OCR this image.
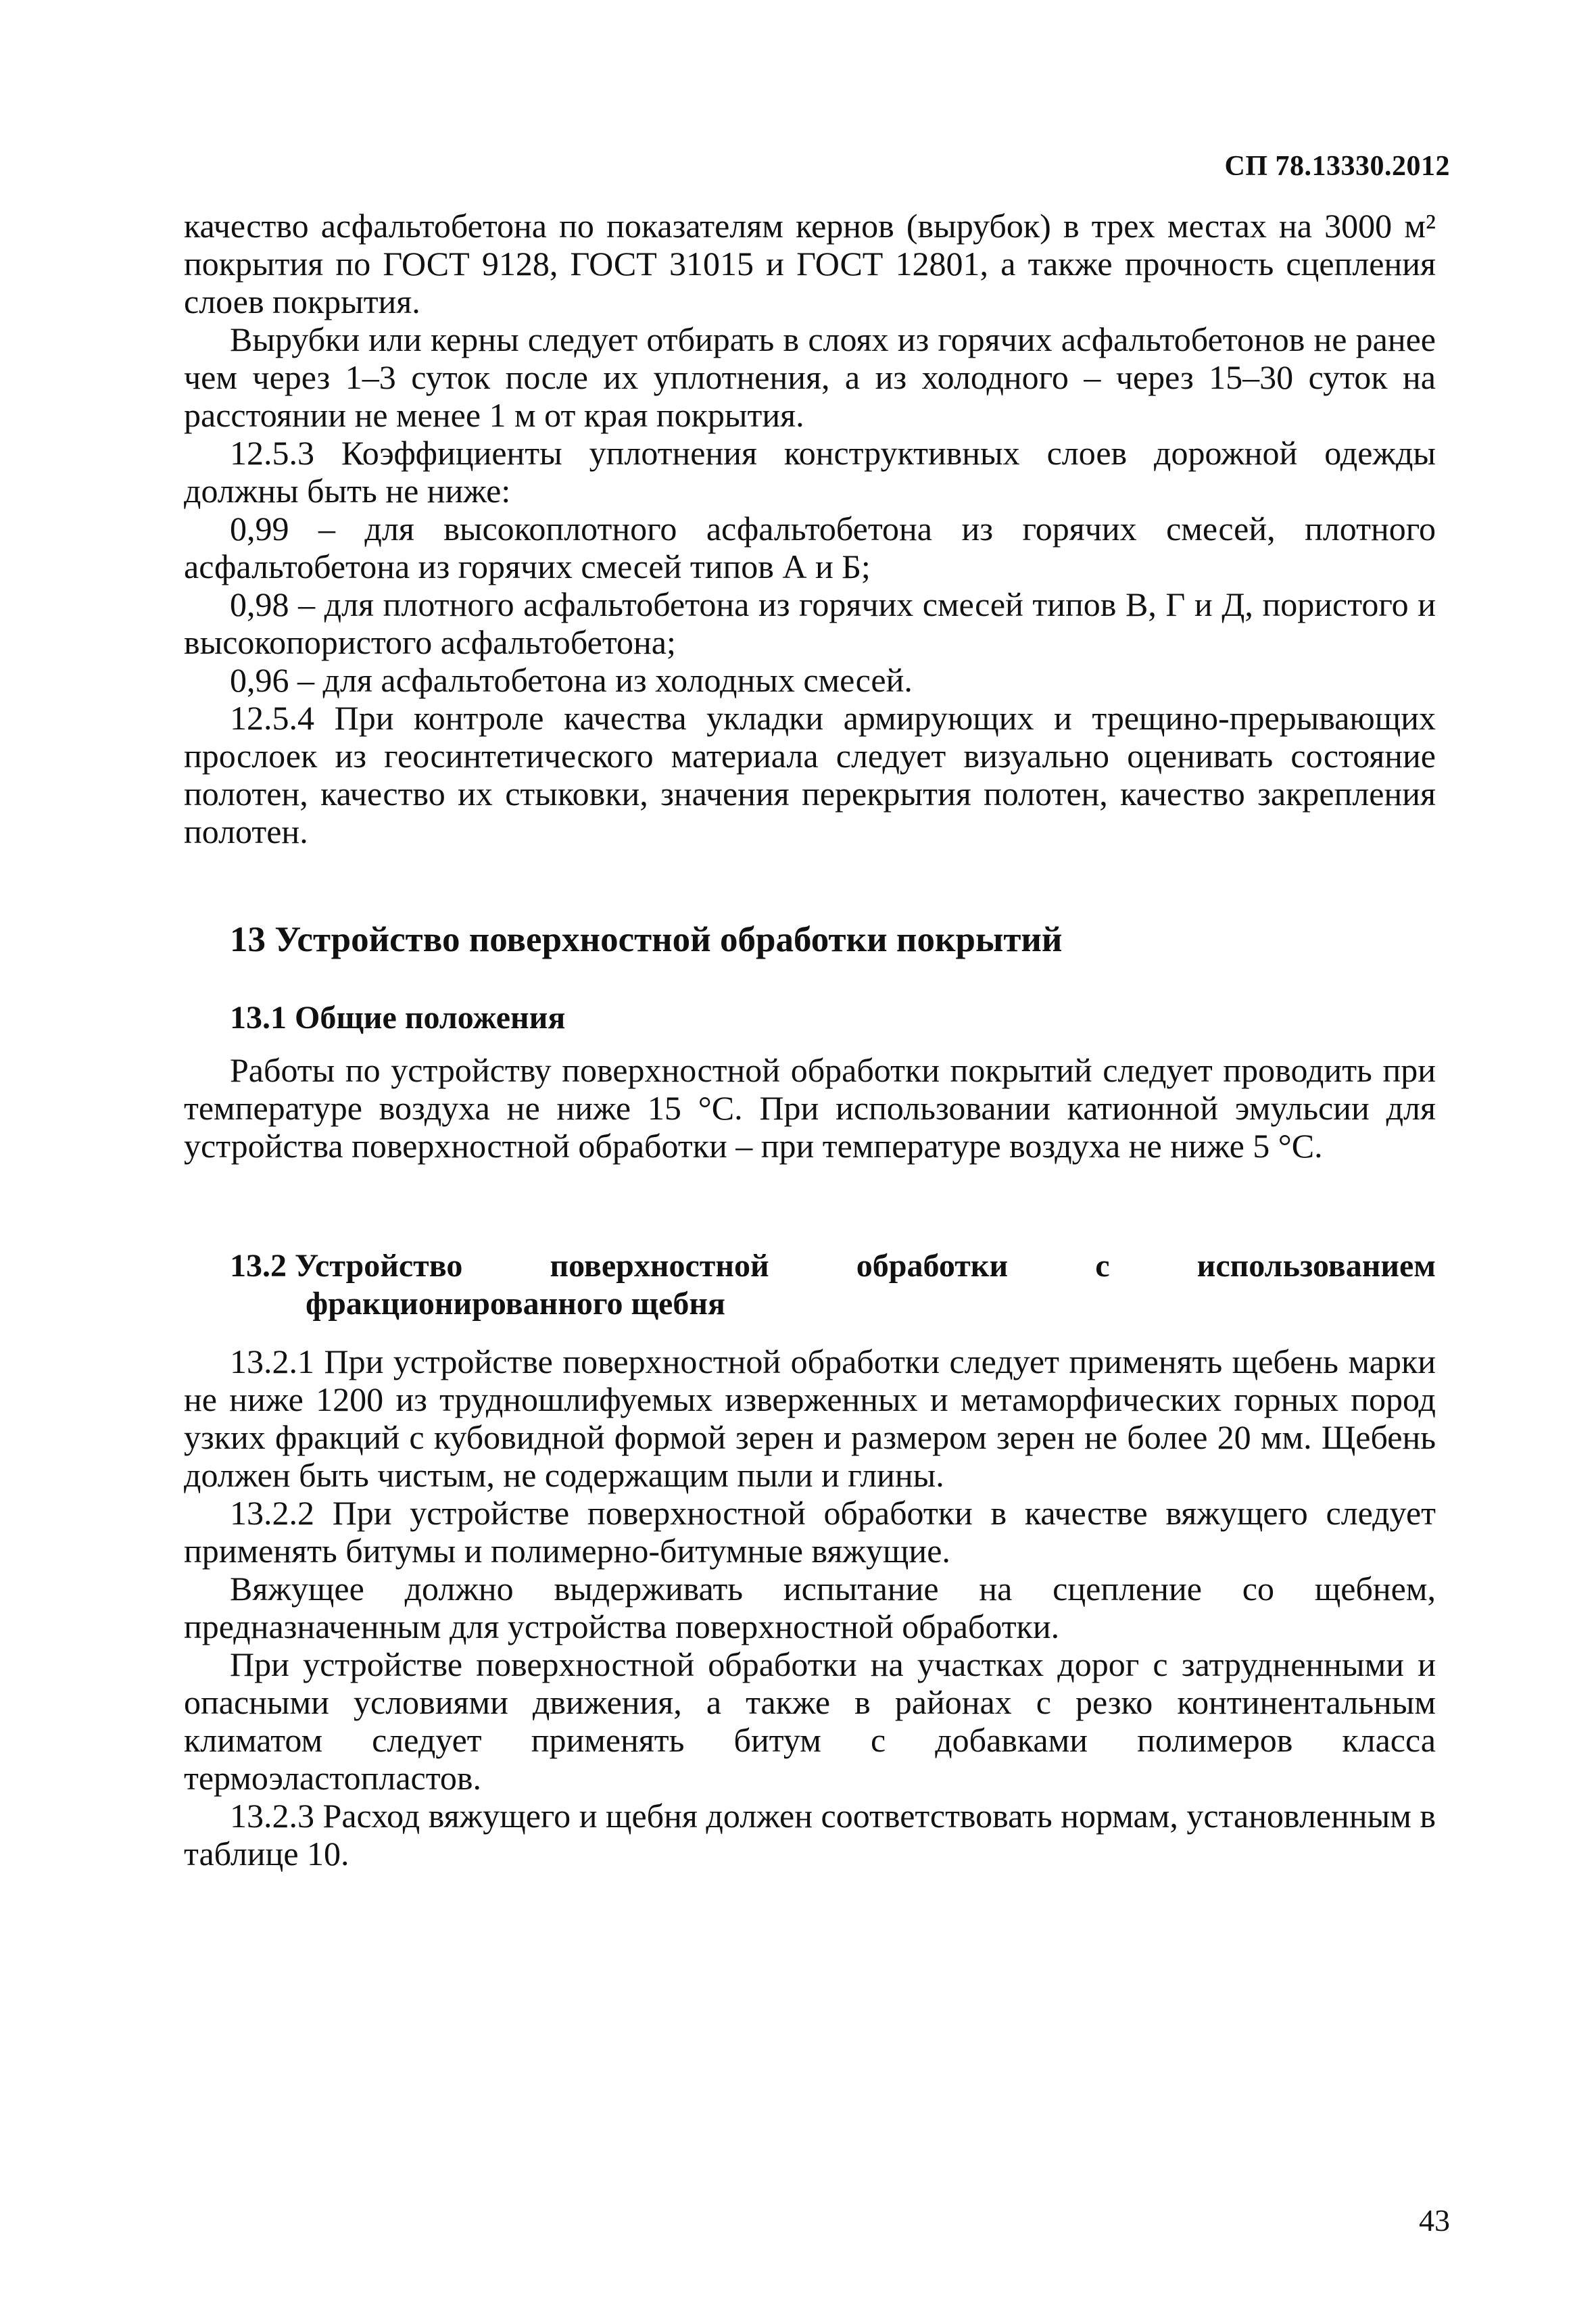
СП 78.13330.2012

качество асфальтобетона по показателям кернов (вырубок) в трех местах на 3000 м² покрытия по ГОСТ 9128, ГОСТ 31015 и ГОСТ 12801, а также прочность сцепления слоев покрытия.

Вырубки или керны следует отбирать в слоях из горячих асфальтобетонов не ранее чем через 1–3 суток после их уплотнения, а из холодного – через 15–30 суток на расстоянии не менее 1 м от края покрытия.

12.5.3 Коэффициенты уплотнения конструктивных слоев дорожной одежды должны быть не ниже:

0,99 – для высокоплотного асфальтобетона из горячих смесей, плотного асфальтобетона из горячих смесей типов А и Б;

0,98 – для плотного асфальтобетона из горячих смесей типов В, Г и Д, пористого и высокопористого асфальтобетона;

0,96 – для асфальтобетона из холодных смесей.

12.5.4 При контроле качества укладки армирующих и трещино-прерывающих прослоек из геосинтетического материала следует визуально оценивать состояние полотен, качество их стыковки, значения перекрытия полотен, качество закрепления полотен.

13 Устройство поверхностной обработки покрытий
13.1 Общие положения

Работы по устройству поверхностной обработки покрытий следует проводить при температуре воздуха не ниже 15 °С. При использовании катионной эмульсии для устройства поверхностной обработки – при температуре воздуха не ниже 5 °С.

13.2 Устройство	поверхностной	обработки	с	использованием
фракционированного щебня

13.2.1 При устройстве поверхностной обработки следует применять щебень марки не ниже 1200 из трудношлифуемых изверженных и метаморфических горных пород узких фракций с кубовидной формой зерен и размером зерен не более 20 мм. Щебень должен быть чистым, не содержащим пыли и глины.

13.2.2 При устройстве поверхностной обработки в качестве вяжущего следует применять битумы и полимерно-битумные вяжущие.

Вяжущее должно выдерживать испытание на сцепление со щебнем, предназначенным для устройства поверхностной обработки.

При устройстве поверхностной обработки на участках дорог с затрудненными и опасными условиями движения, а также в районах с резко континентальным климатом следует применять битум с добавками полимеров класса термоэластопластов.

13.2.3 Расход вяжущего и щебня должен соответствовать нормам, установленным в таблице 10.

43
